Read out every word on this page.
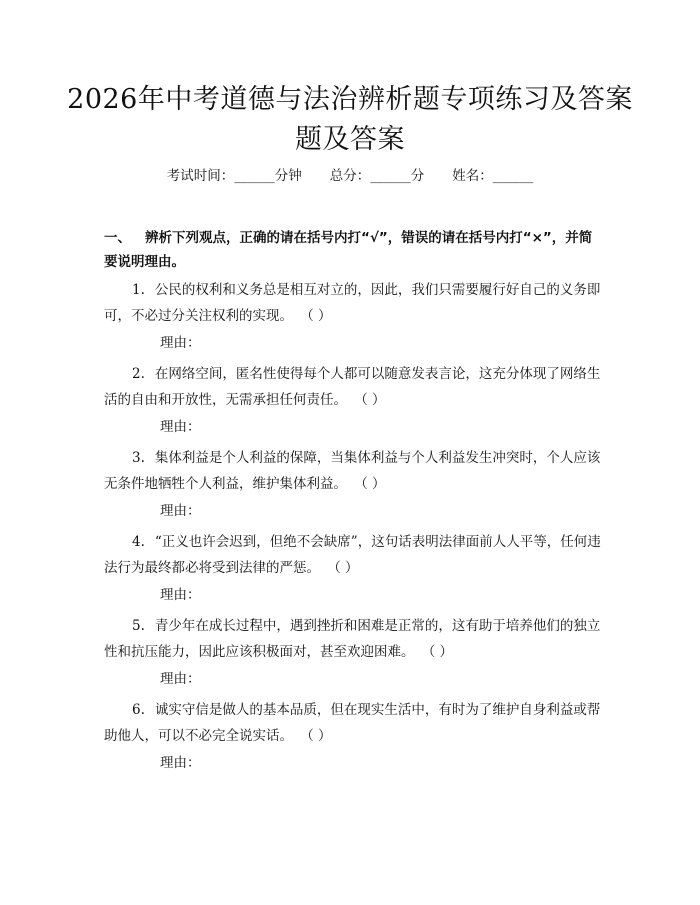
2026年中考道德与法治辨析题专项练习及答案题及答案
考试时间：______分钟 总分：______分 姓名：______
一、 辨析下列观点，正确的请在括号内打“√”，错误的请在括号内打“×”，并简要说明理由。
1. 公民的权利和义务总是相互对立的，因此，我们只需要履行好自己的义务即可，不必过分关注权利的实现。 （ ）
理由：
2. 在网络空间，匿名性使得每个人都可以随意发表言论，这充分体现了网络生活的自由和开放性，无需承担任何责任。 （ ）
理由：
3. 集体利益是个人利益的保障，当集体利益与个人利益发生冲突时，个人应该无条件地牺牲个人利益，维护集体利益。 （ ）
理由：
4. “正义也许会迟到，但绝不会缺席”，这句话表明法律面前人人平等，任何违法行为最终都必将受到法律的严惩。 （ ）
理由：
5. 青少年在成长过程中，遇到挫折和困难是正常的，这有助于培养他们的独立性和抗压能力，因此应该积极面对，甚至欢迎困难。 （ ）
理由：
6. 诚实守信是做人的基本品质，但在现实生活中，有时为了维护自身利益或帮助他人，可以不必完全说实话。 （ ）
理由：
